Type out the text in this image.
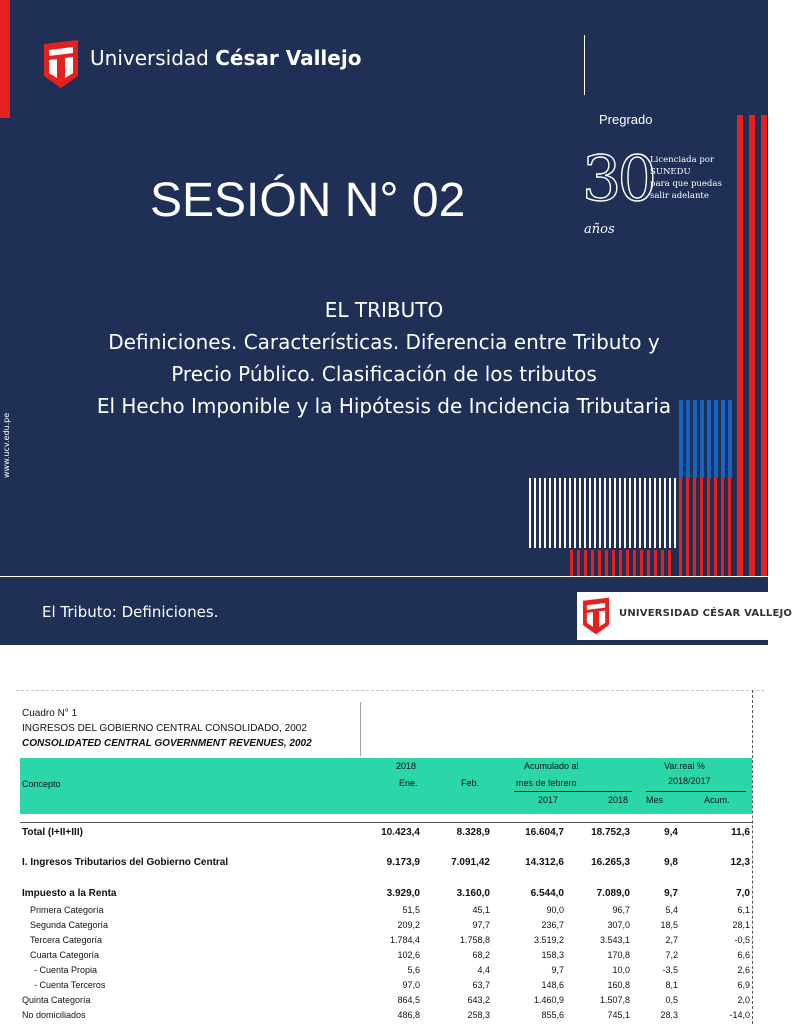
Universidad César Vallejo
Pregrado
30
años
Licenciada por
SUNEDU
para que puedas
salir adelante
SESIÓN N° 02
EL TRIBUTO
Definiciones. Características. Diferencia entre Tributo y
Precio Público. Clasificación de los tributos
El Hecho Imponible y la Hipótesis de Incidencia Tributaria
www.ucv.edu.pe
El Tributo: Definiciones.	UNIVERSIDAD CÉSAR VALLEJO
Cuadro N° 1
INGRESOS DEL GOBIERNO CENTRAL CONSOLIDADO, 2002
CONSOLIDATED CENTRAL GOVERNMENT REVENUES, 2002
Concepto
2018
Ene.	Feb.
Acumulado al
mes de febrero
2017	2018
Var.real %
2018/2017
Mes	Acum.
Total (I+II+III)	10.423,4	8.328,9	16.604,7	18.752,3	9,4	11,6
I. Ingresos Tributarios del Gobierno Central	9.173,9	7.091,42	14.312,6	16.265,3	9,8	12,3
Impuesto a la Renta	3.929,0	3.160,0	6.544,0	7.089,0	9,7	7,0
Primera Categoría	51,5	45,1	90,0	96,7	5,4	6,1
Segunda Categoría	209,2	97,7	236,7	307,0	18,5	28,1
Tercera Categoría	1.784,4	1.758,8	3.519,2	3.543,1	2,7	-0,5
Cuarta Categoría	102,6	68,2	158,3	170,8	7,2	6,6
- Cuenta Propia	5,6	4,4	9,7	10,0	-3,5	2,6
- Cuenta Terceros	97,0	63,7	148,6	160,8	8,1	6,9
Quinta Categoría	864,5	643,2	1.460,9	1.507,8	0,5	2,0
No domiciliados	486,8	258,3	855,6	745,1	28,3	-14,0
